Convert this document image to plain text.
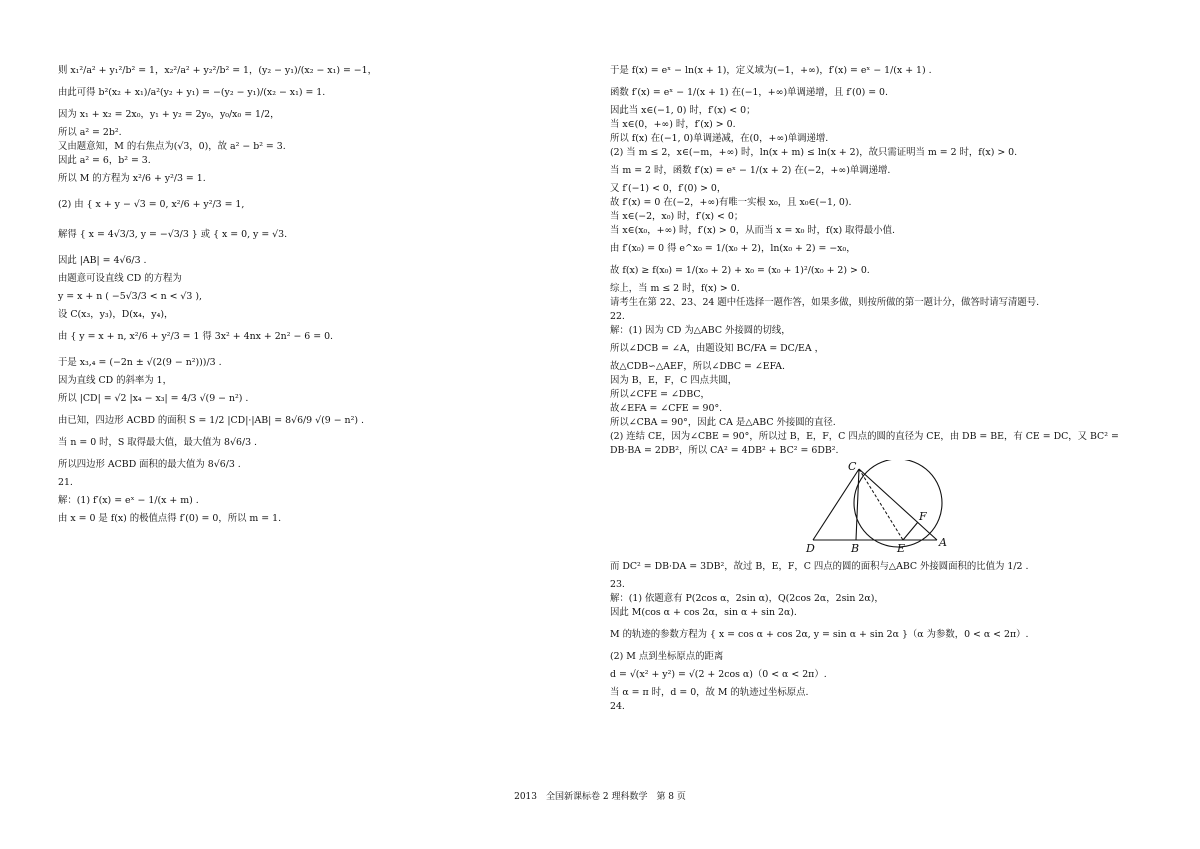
则 x₁²/a² + y₁²/b² = 1，x₂²/a² + y₂²/b² = 1，(y₂ − y₁)/(x₂ − x₁) = −1，
由此可得 b²(x₂ + x₁)/a²(y₂ + y₁) = −(y₂ − y₁)/(x₂ − x₁) = 1.
因为 x₁ + x₂ = 2x₀，y₁ + y₂ = 2y₀，y₀/x₀ = 1/2，
所以 a² = 2b².
又由题意知，M 的右焦点为(√3，0)，故 a² − b² = 3.
因此 a² = 6，b² = 3.
所以 M 的方程为 x²/6 + y²/3 = 1.
(2) 由 { x + y − √3 = 0, x²/6 + y²/3 = 1,
解得 { x = 4√3/3, y = −√3/3 } 或 { x = 0, y = √3.
因此 |AB| = 4√6/3 .
由题意可设直线 CD 的方程为
y = x + n ( −5√3/3 < n < √3 ),
设 C(x₃，y₃)，D(x₄，y₄)，
由 { y = x + n, x²/6 + y²/3 = 1 得 3x² + 4nx + 2n² − 6 = 0.
于是 x₃,₄ = (−2n ± √(2(9 − n²)))/3 .
因为直线 CD 的斜率为 1，
所以 |CD| = √2 |x₄ − x₃| = 4/3 √(9 − n²) .
由已知，四边形 ACBD 的面积 S = 1/2 |CD|·|AB| = 8√6/9 √(9 − n²) .
当 n = 0 时，S 取得最大值，最大值为 8√6/3 .
所以四边形 ACBD 面积的最大值为 8√6/3 .
21.
解：(1) f′(x) = eˣ − 1/(x + m) .
由 x = 0 是 f(x) 的极值点得 f′(0) = 0，所以 m = 1.
于是 f(x) = eˣ − ln(x + 1)，定义域为(−1，+∞)，f′(x) = eˣ − 1/(x + 1) .
函数 f′(x) = eˣ − 1/(x + 1) 在(−1，+∞)单调递增，且 f′(0) = 0.
因此当 x∈(−1, 0) 时，f′(x) < 0；
当 x∈(0，+∞) 时，f′(x) > 0.
所以 f(x) 在(−1, 0)单调递减，在(0，+∞)单调递增.
(2) 当 m ≤ 2，x∈(−m，+∞) 时，ln(x + m) ≤ ln(x + 2)，故只需证明当 m = 2 时，f(x) > 0.
当 m = 2 时，函数 f′(x) = eˣ − 1/(x + 2) 在(−2，+∞)单调递增.
又 f′(−1) < 0，f′(0) > 0，
故 f′(x) = 0 在(−2，+∞)有唯一实根 x₀，且 x₀∈(−1, 0).
当 x∈(−2，x₀) 时，f′(x) < 0；
当 x∈(x₀，+∞) 时，f′(x) > 0，从而当 x = x₀ 时，f(x) 取得最小值.
由 f′(x₀) = 0 得 e^x₀ = 1/(x₀ + 2)，ln(x₀ + 2) = −x₀，
故 f(x) ≥ f(x₀) = 1/(x₀ + 2) + x₀ = (x₀ + 1)²/(x₀ + 2) > 0.
综上，当 m ≤ 2 时，f(x) > 0.
请考生在第 22、23、24 题中任选择一题作答，如果多做，则按所做的第一题计分，做答时请写清题号.
22.
解：(1) 因为 CD 为△ABC 外接圆的切线，
所以∠DCB = ∠A，由题设知 BC/FA = DC/EA ，
故△CDB∽△AEF，所以∠DBC = ∠EFA.
因为 B，E，F，C 四点共圆，
所以∠CFE = ∠DBC，
故∠EFA = ∠CFE = 90°.
所以∠CBA = 90°，因此 CA 是△ABC 外接圆的直径.
(2) 连结 CE，因为∠CBE = 90°，所以过 B，E，F，C 四点的圆的直径为 CE，由 DB = BE，有 CE = DC，又 BC² = DB·BA = 2DB²，所以 CA² = 4DB² + BC² = 6DB².
C
D	B	E	A
F
而 DC² = DB·DA = 3DB²，故过 B，E，F，C 四点的圆的面积与△ABC 外接圆面积的比值为 1/2 .
23.
解：(1) 依题意有 P(2cos α，2sin α)，Q(2cos 2α，2sin 2α)，
因此 M(cos α + cos 2α，sin α + sin 2α).
M 的轨迹的参数方程为 { x = cos α + cos 2α, y = sin α + sin 2α }（α 为参数，0 < α < 2π）.
(2) M 点到坐标原点的距离
d = √(x² + y²) = √(2 + 2cos α)（0 < α < 2π）.
当 α = π 时，d = 0，故 M 的轨迹过坐标原点.
24.
2013　全国新课标卷 2 理科数学　第 8 页
